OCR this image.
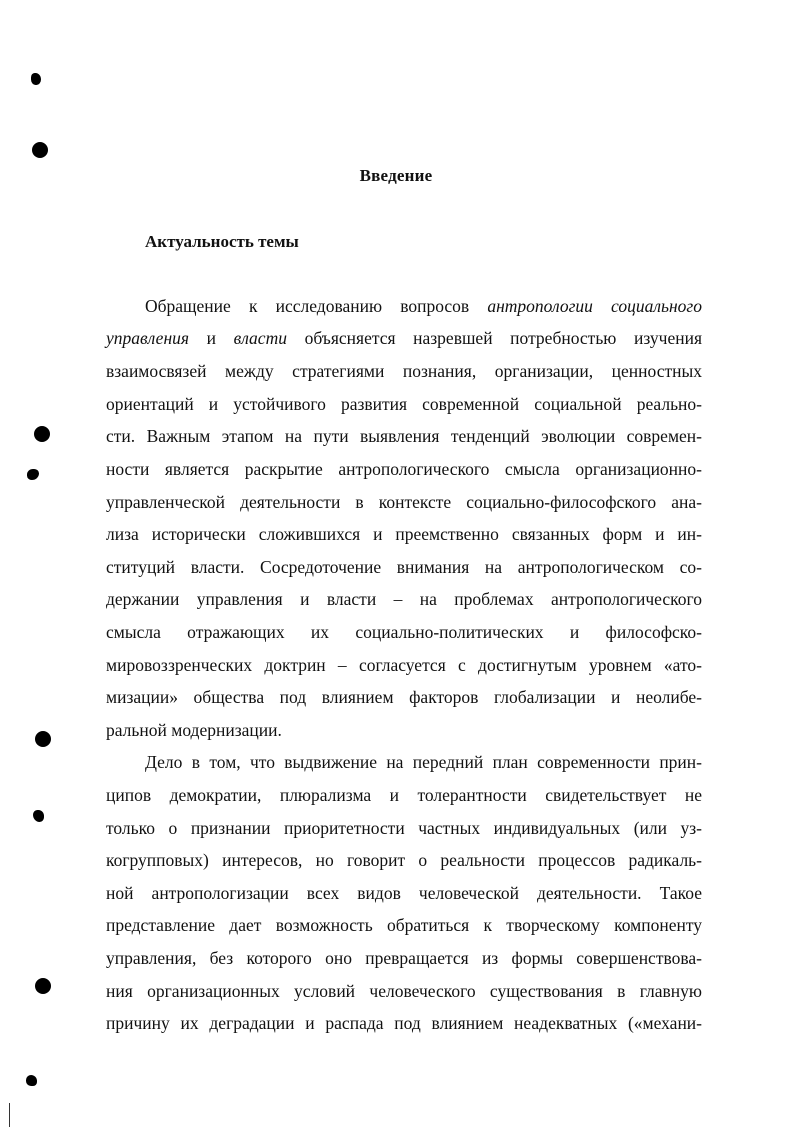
Введение
Актуальность темы
Обращение к исследованию вопросов антропологии социального
управления и власти объясняется назревшей потребностью изучения
взаимосвязей между стратегиями познания, организации, ценностных
ориентаций и устойчивого развития современной социальной реально-
сти. Важным этапом на пути выявления тенденций эволюции современ-
ности является раскрытие антропологического смысла организационно-
управленческой деятельности в контексте социально-философского ана-
лиза исторически сложившихся и преемственно связанных форм и ин-
ституций власти. Сосредоточение внимания на антропологическом со-
держании управления и власти – на проблемах антропологического
смысла отражающих их социально-политических и философско-
мировоззренческих доктрин – согласуется с достигнутым уровнем «ато-
мизации» общества под влиянием факторов глобализации и неолибе-
ральной модернизации.
Дело в том, что выдвижение на передний план современности прин-
ципов демократии, плюрализма и толерантности свидетельствует не
только о признании приоритетности частных индивидуальных (или уз-
когрупповых) интересов, но говорит о реальности процессов радикаль-
ной антропологизации всех видов человеческой деятельности. Такое
представление дает возможность обратиться к творческому компоненту
управления, без которого оно превращается из формы совершенствова-
ния организационных условий человеческого существования в главную
причину их деградации и распада под влиянием неадекватных («механи-
